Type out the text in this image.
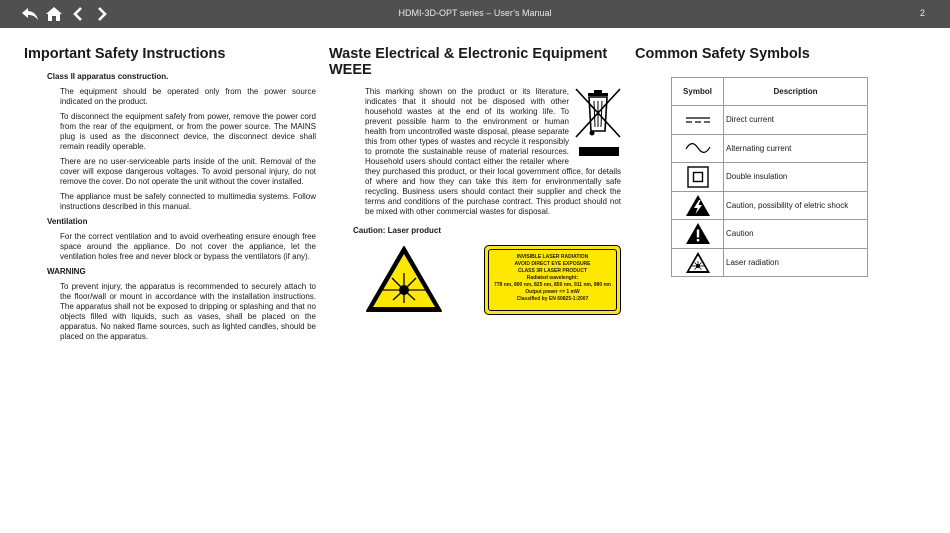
HDMI-3D-OPT series – User’s Manual	2
Important Safety Instructions
Class II apparatus construction.

The equipment should be operated only from the power source indicated on the product.

To disconnect the equipment safely from power, remove the power cord from the rear of the equipment, or from the power source. The MAINS plug is used as the disconnect device, the disconnect device shall remain readily operable.

There are no user-serviceable parts inside of the unit. Removal of the cover will expose dangerous voltages. To avoid personal injury, do not remove the cover. Do not operate the unit without the cover installed.

The appliance must be safely connected to multimedia systems. Follow instructions described in this manual.

Ventilation

For the correct ventilation and to avoid overheating ensure enough free space around the appliance. Do not cover the appliance, let the ventilation holes free and never block or bypass the ventilators (if any).

WARNING

To prevent injury, the apparatus is recommended to securely attach to the floor/wall or mount in accordance with the installation instructions. The apparatus shall not be exposed to dripping or splashing and that no objects filled with liquids, such as vases, shall be placed on the apparatus. No naked flame sources, such as lighted candles, should be placed on the apparatus.

Waste Electrical & Electronic Equipment
WEEE
This marking shown on the product or its literature, indicates that it should not be disposed with other household wastes at the end of its working life. To prevent possible harm to the environment or human health from uncontrolled waste disposal, please separate this from other types of wastes and recycle it responsibly to promote the sustainable reuse of material resources. Household users should contact either the retailer where they purchased this product, or their local government office, for details of where and how they can take this item for environmentally safe recycling. Business users should contact their supplier and check the terms and conditions of the purchase contract. This product should not be mixed with other commercial wastes for disposal.
Caution: Laser product
INVISIBLE LASER RADIATION
AVOID DIRECT EYE EXPOSURE
CLASS 3R LASER PRODUCT
Radiated wavelenght:
778 nm, 800 nm, 825 nm, 850 nm, 911 nm, 980 nm
Output power <= 1 mW
Classified by EN 60825-1:2007
Common Safety Symbols
Symbol	Description

	Direct current

	Alternating current

	Double insulation

	Caution, possibility of eletric shock

	Caution

	Laser radiation
